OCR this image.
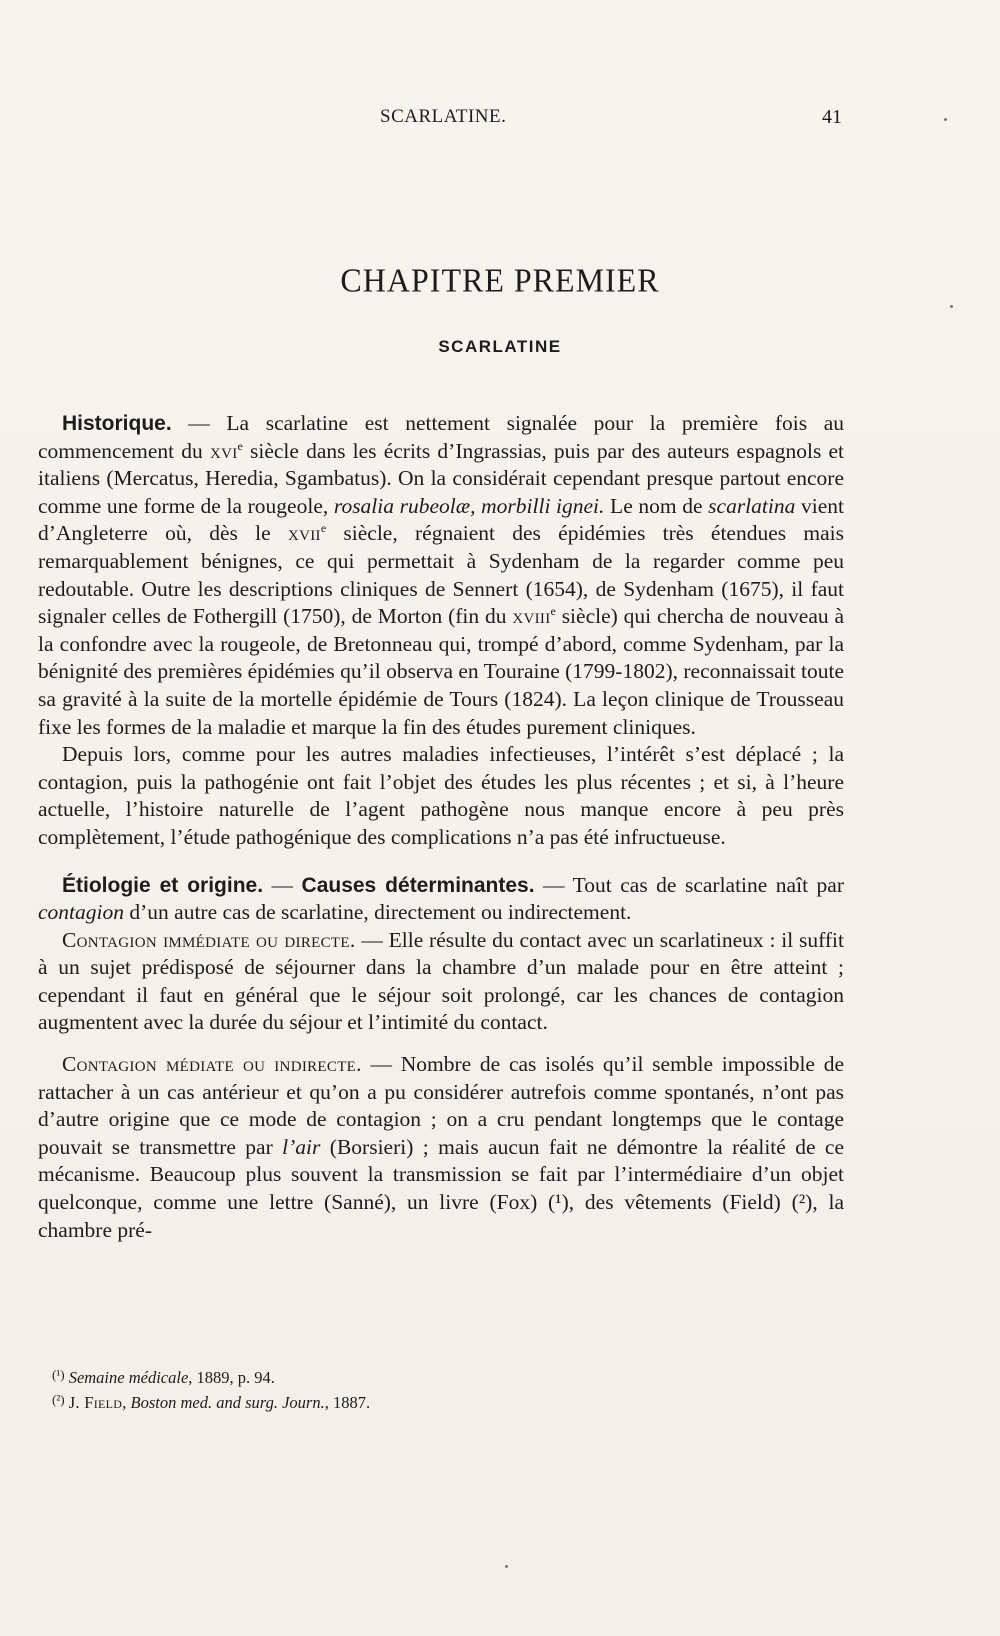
SCARLATINE.	41
CHAPITRE PREMIER
SCARLATINE

Historique. — La scarlatine est nettement signalée pour la première fois au commencement du xvi$^e$ siècle dans les écrits d’Ingrassias, puis par des auteurs espagnols et italiens (Mercatus, Heredia, Sgambatus). On la considérait cependant presque partout encore comme une forme de la rougeole, rosalia rubeolæ, morbilli ignei. Le nom de scarlatina vient d’Angleterre où, dès le xvii$^e$ siècle, régnaient des épidémies très étendues mais remarquablement bénignes, ce qui permettait à Sydenham de la regarder comme peu redoutable. Outre les descriptions cliniques de Sennert (1654), de Sydenham (1675), il faut signaler celles de Fothergill (1750), de Morton (fin du xviii$^e$ siècle) qui chercha de nouveau à la confondre avec la rougeole, de Bretonneau qui, trompé d’abord, comme Sydenham, par la bénignité des premières épidémies qu’il observa en Touraine (1799-1802), reconnaissait toute sa gravité à la suite de la mortelle épidémie de Tours (1824). La leçon clinique de Trousseau fixe les formes de la maladie et marque la fin des études purement cliniques.

Depuis lors, comme pour les autres maladies infectieuses, l’intérêt s’est déplacé ; la contagion, puis la pathogénie ont fait l’objet des études les plus récentes ; et si, à l’heure actuelle, l’histoire naturelle de l’agent pathogène nous manque encore à peu près complètement, l’étude pathogénique des complications n’a pas été infructueuse.

Étiologie et origine. — Causes déterminantes. — Tout cas de scarlatine naît par contagion d’un autre cas de scarlatine, directement ou indirectement.

Contagion immédiate ou directe. — Elle résulte du contact avec un scarlatineux : il suffit à un sujet prédisposé de séjourner dans la chambre d’un malade pour en être atteint ; cependant il faut en général que le séjour soit prolongé, car les chances de contagion augmentent avec la durée du séjour et l’intimité du contact.

Contagion médiate ou indirecte. — Nombre de cas isolés qu’il semble impossible de rattacher à un cas antérieur et qu’on a pu considérer autrefois comme spontanés, n’ont pas d’autre origine que ce mode de contagion ; on a cru pendant longtemps que le contage pouvait se transmettre par l’air (Borsieri) ; mais aucun fait ne démontre la réalité de ce mécanisme. Beaucoup plus souvent la transmission se fait par l’intermédiaire d’un objet quelconque, comme une lettre (Sanné), un livre (Fox) (¹), des vêtements (Field) (²), la chambre pré-

$^{(^1)}$ Semaine médicale, 1889, p. 94.

$^{(^2)}$ J. Field, Boston med. and surg. Journ., 1887.
